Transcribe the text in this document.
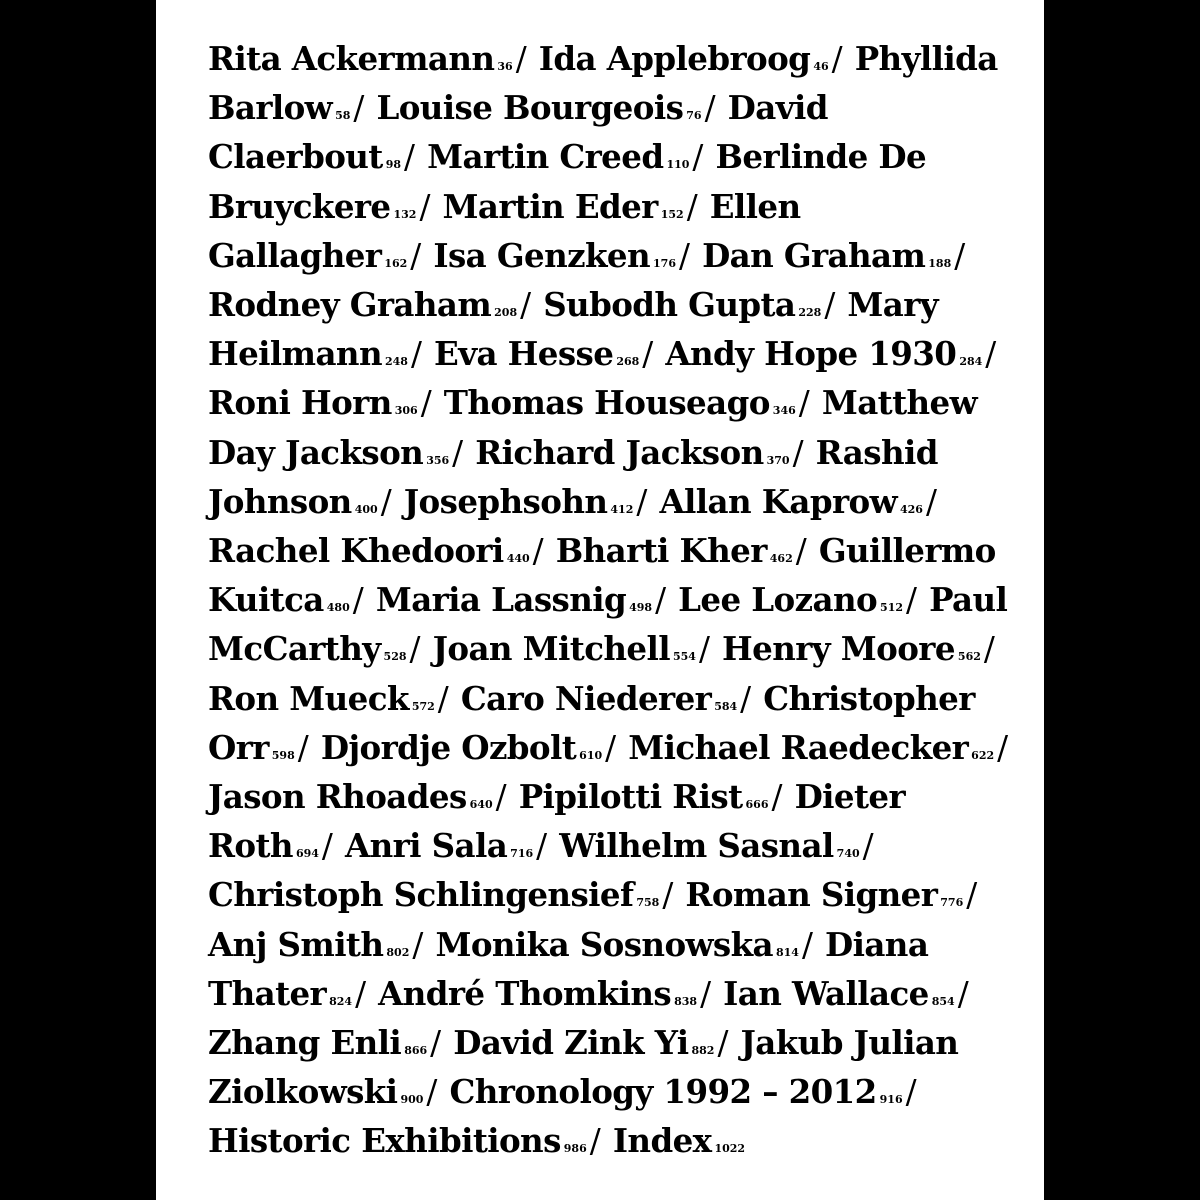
Rita Ackermann 36/ Ida Applebroog 46/ Phyllida Barlow 58/ Louise Bourgeois 76/ David Claerbout 98/ Martin Creed 110/ Berlinde De Bruyckere 132/ Martin Eder 152/ Ellen Gallagher 162/ Isa Genzken 176/ Dan Graham 188/ Rodney Graham 208/ Subodh Gupta 228/ Mary Heilmann 248/ Eva Hesse 268/ Andy Hope 1930 284/ Roni Horn 306/ Thomas Houseago 346/ Matthew Day Jackson 356/ Richard Jackson 370/ Rashid Johnson 400/ Josephsohn 412/ Allan Kaprow 426/ Rachel Khedoori 440/ Bharti Kher 462/ Guillermo Kuitca 480/ Maria Lassnig 498/ Lee Lozano 512/ Paul McCarthy 528/ Joan Mitchell 554/ Henry Moore 562/ Ron Mueck 572/ Caro Niederer 584/ Christopher Orr 598/ Djordje Ozbolt 610/ Michael Raedecker 622/ Jason Rhoades 640/ Pipilotti Rist 666/ Dieter Roth 694/ Anri Sala 716/ Wilhelm Sasnal 740/ Christoph Schlingensief 758/ Roman Signer 776/ Anj Smith 802/ Monika Sosnowska 814/ Diana Thater 824/ André Thomkins 838/ Ian Wallace 854/ Zhang Enli 866/ David Zink Yi 882/ Jakub Julian Ziolkowski 900/ Chronology 1992 – 2012 916/ Historic Exhibitions 986/ Index 1022
